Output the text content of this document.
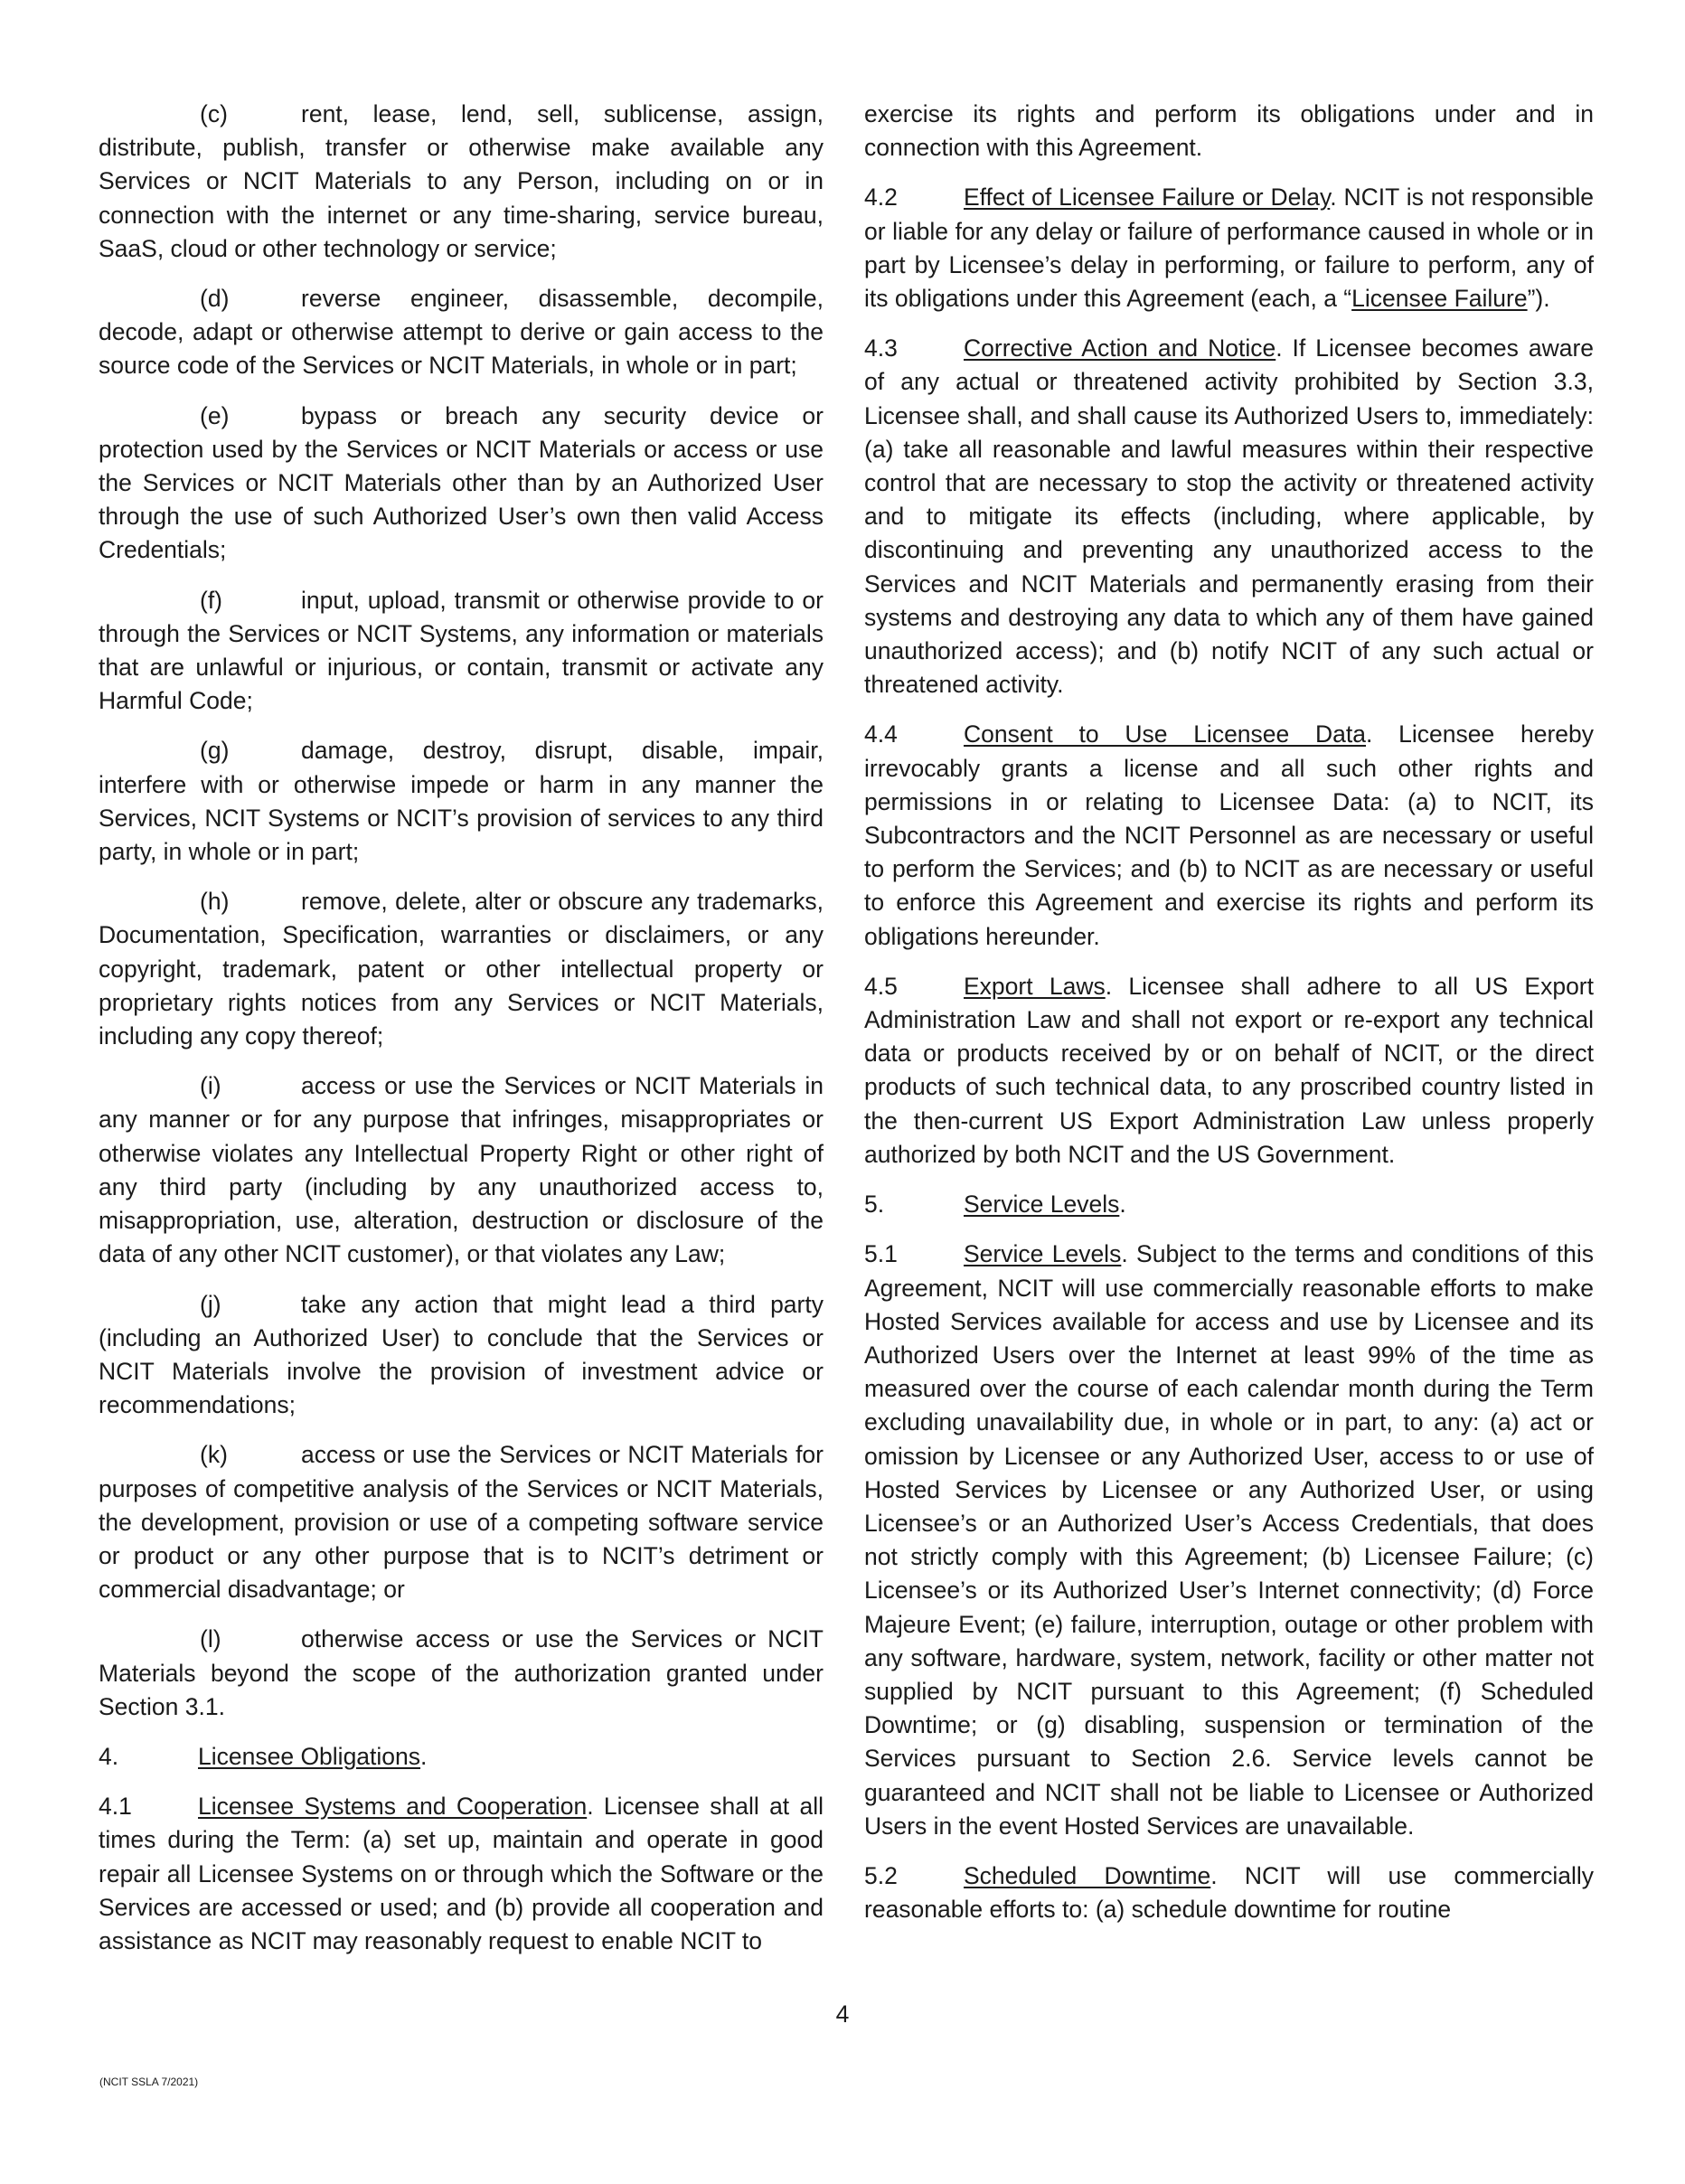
(c)	rent, lease, lend, sell, sublicense, assign, distribute, publish, transfer or otherwise make available any Services or NCIT Materials to any Person, including on or in connection with the internet or any time-sharing, service bureau, SaaS, cloud or other technology or service;

(d)	reverse engineer, disassemble, decompile, decode, adapt or otherwise attempt to derive or gain access to the source code of the Services or NCIT Materials, in whole or in part;

(e)	bypass or breach any security device or protection used by the Services or NCIT Materials or access or use the Services or NCIT Materials other than by an Authorized User through the use of such Authorized User’s own then valid Access Credentials;

(f)	input, upload, transmit or otherwise provide to or through the Services or NCIT Systems, any information or materials that are unlawful or injurious, or contain, transmit or activate any Harmful Code;

(g)	damage, destroy, disrupt, disable, impair, interfere with or otherwise impede or harm in any manner the Services, NCIT Systems or NCIT’s provision of services to any third party, in whole or in part;

(h)	remove, delete, alter or obscure any trademarks, Documentation, Specification, warranties or disclaimers, or any copyright, trademark, patent or other intellectual property or proprietary rights notices from any Services or NCIT Materials, including any copy thereof;

(i)	access or use the Services or NCIT Materials in any manner or for any purpose that infringes, misappropriates or otherwise violates any Intellectual Property Right or other right of any third party (including by any unauthorized access to, misappropriation, use, alteration, destruction or disclosure of the data of any other NCIT customer), or that violates any Law;

(j)	take any action that might lead a third party (including an Authorized User) to conclude that the Services or NCIT Materials involve the provision of investment advice or recommendations;

(k)	access or use the Services or NCIT Materials for purposes of competitive analysis of the Services or NCIT Materials, the development, provision or use of a competing software service or product or any other purpose that is to NCIT’s detriment or commercial disadvantage; or

(l)	otherwise access or use the Services or NCIT Materials beyond the scope of the authorization granted under Section 3.1.

4.	Licensee Obligations.

4.1	Licensee Systems and Cooperation. Licensee shall at all times during the Term: (a) set up, maintain and operate in good repair all Licensee Systems on or through which the Software or the Services are accessed or used; and (b) provide all cooperation and assistance as NCIT may reasonably request to enable NCIT to

exercise its rights and perform its obligations under and in connection with this Agreement.

4.2	Effect of Licensee Failure or Delay. NCIT is not responsible or liable for any delay or failure of performance caused in whole or in part by Licensee’s delay in performing, or failure to perform, any of its obligations under this Agreement (each, a “Licensee Failure”).

4.3	Corrective Action and Notice. If Licensee becomes aware of any actual or threatened activity prohibited by Section 3.3, Licensee shall, and shall cause its Authorized Users to, immediately: (a) take all reasonable and lawful measures within their respective control that are necessary to stop the activity or threatened activity and to mitigate its effects (including, where applicable, by discontinuing and preventing any unauthorized access to the Services and NCIT Materials and permanently erasing from their systems and destroying any data to which any of them have gained unauthorized access); and (b) notify NCIT of any such actual or threatened activity.

4.4	Consent to Use Licensee Data. Licensee hereby irrevocably grants a license and all such other rights and permissions in or relating to Licensee Data: (a) to NCIT, its Subcontractors and the NCIT Personnel as are necessary or useful to perform the Services; and (b) to NCIT as are necessary or useful to enforce this Agreement and exercise its rights and perform its obligations hereunder.

4.5	Export Laws. Licensee shall adhere to all US Export Administration Law and shall not export or re-export any technical data or products received by or on behalf of NCIT, or the direct products of such technical data, to any proscribed country listed in the then-current US Export Administration Law unless properly authorized by both NCIT and the US Government.

5.	Service Levels.

5.1	Service Levels. Subject to the terms and conditions of this Agreement, NCIT will use commercially reasonable efforts to make Hosted Services available for access and use by Licensee and its Authorized Users over the Internet at least 99% of the time as measured over the course of each calendar month during the Term excluding unavailability due, in whole or in part, to any: (a) act or omission by Licensee or any Authorized User, access to or use of Hosted Services by Licensee or any Authorized User, or using Licensee’s or an Authorized User’s Access Credentials, that does not strictly comply with this Agreement; (b) Licensee Failure; (c) Licensee’s or its Authorized User’s Internet connectivity; (d) Force Majeure Event; (e) failure, interruption, outage or other problem with any software, hardware, system, network, facility or other matter not supplied by NCIT pursuant to this Agreement; (f) Scheduled Downtime; or (g) disabling, suspension or termination of the Services pursuant to Section 2.6. Service levels cannot be guaranteed and NCIT shall not be liable to Licensee or Authorized Users in the event Hosted Services are unavailable.

5.2	Scheduled Downtime. NCIT will use commercially reasonable efforts to: (a) schedule downtime for routine

4
(NCIT SSLA 7/2021)
